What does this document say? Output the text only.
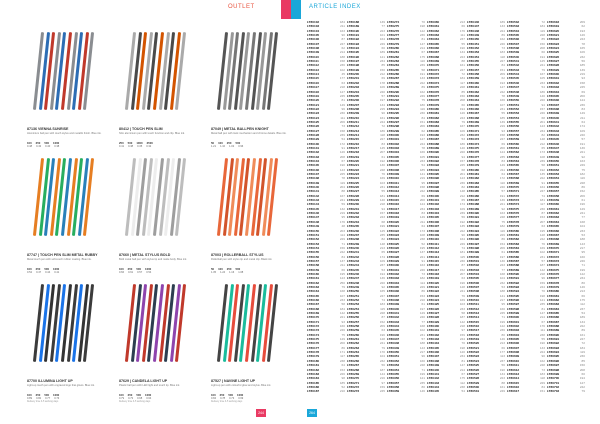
OUTLET	ARTICLE INDEX
87136 VIENNA SUNRISE
Aluminium ball pen with touch stylus and metallic finish. Blue ink.
100 250 500 1000
0.48 0.43 0.40 0.38
80412 | TOUCH PEN SLIM
Slim aluminium pen with touch function and clip. Blue ink.
250 500 1000 2500
0.41 0.38 0.35 0.32
87049 | METAL BALLPEN KNIGHT
Metal ball pen with twist mechanism and chrome details. Blue ink.
50 100 250 500
1.21 1.10 1.02 0.96
87747 | TOUCH PEN SLIM METAL RUBBY
Metal touch pen with soft-touch rubber coating. Blue ink.
100 250 500 1000
0.52 0.47 0.44 0.41
87660 | METAL STYLUS BOLD
Bold metal ball pen with stylus tip and matte body. Blue ink.
100 250 500 1000
0.66 0.61 0.57 0.54
87003 | ROLLERBALL STYLUS
Rollerball pen with stylus tip and metal clip. Black ink.
50 100 250 500
1.35 1.24 1.16 1.08
87700 ILLUMINA LIGHT UP
Light-up touch pen with engraved logo that glows. Blue ink.
100 250 500 1000
0.89 0.82 0.77 0.73
Delivery time 3-5 working days
87629 | CANDELA LIGHT UP
Plastic ball pen with LED light and touch tip. Blue ink.
100 250 500 1000
0.79 0.73 0.68 0.64
Delivery time 3-5 working days
87527 | NAVINE LIGHT UP
Light-up pen with colourful glow and stylus. Blue ink.
100 250 500 1000
0.84 0.78 0.73 0.69
Delivery time 3-5 working days
LT80102	184
LT80103	211
LT80104	163
LT80105	90
LT80106	87
LT80107	247
LT80108	62
LT80109	214
LT80110	188
LT80111	158
LT80112	236
LT80113	102
LT80114	45
LT80115	177
LT80116	63
LT80117	218
LT80118	127
LT80119	245
LT80120	81
LT80121	149
LT80122	96
LT80123	230
LT80124	111
LT80125	206
LT80126	73
LT80127	158
LT80128	239
LT80129	54
LT80130	172
LT80131	91
LT80132	126
LT80133	208
LT80134	67
LT80135	190
LT80136	143
LT80137	225
LT80138	78
LT80139	119
LT80140	204
LT80141	88
LT80142	167
LT80143	241
LT80144	59
LT80145	132
LT80146	219
LT80147	95
LT80148	176
LT80149	48
LT80150	203
LT80151	114
LT80152	229
LT80153	71
LT80154	156
LT80155	242
LT80156	84
LT80157	137
LT80158	211
LT80159	66
LT80160	195
LT80161	123
LT80162	250
LT80163	79
LT80164	168
LT80165	107
LT80166	233
LT80167	58
LT80168	184
LT80169	142
LT80170	221
LT80171	93
LT80172	160
LT80173	246
LT80174	75
LT80175	129
LT80176	200
LT80177	86
LT80178	171
LT80179	117
LT80180	238
LT80181	64
LT80182	153
LT80183	226
LT80184	98
LT80185	185
LT80186	52
LT80187	210
LT80188	139
LT80189	77
LT80190	223
LT80191	101
LT80192	164
LT80193	249
LT80194	60
LT80195	189
LT80196	121
LT80197	234
LT80198	85
LT80199	150
LT80200	212
LT80201	69
LT80202	178
LT80203	106
LT80204	240
LT80205	57
LT80206	197
LT80207	134
LT80208	215
LT80209	90
LT80210	161
LT80211	244
LT80212	72
LT80213	186
LT80214	118
LT80215	227
LT80216	83
LT80217	145
LT80218	207
LT80219	61
LT80220	192
LT80221	130
LT80222	248
LT80223	76
LT80224	169
LT80225	103
LT80226	231
LT80227	55
LT80228	181
LT80229	140
LT80230	218
LT80231	94
LT80232	157
LT80233	243
LT80234	68
LT80235	199
LT80236	125
LT80237	235
LT80238	82
LT80239	148
LT80240	213
LT80241	65
LT80242	174
LT80243	109
LT80244	237
LT80245	53
LT80246	194
LT80247	136
LT80248	220
LT80249	92
LT80250	165
LT80251	247
LT80252	74
LT80253	183
LT80254	115
LT80255	228
LT80256	87
LT80257	152
LT80258	209
LT80259	63
LT80260	196
LT80261	128
LT80262	241
LT80263	79
LT80264	170
LT80265	104
LT80266	232
LT80267	56
LT80268	187
LT80269	144
LT80270	216
LT80271	97
LT80272	159
LT80273	245
LT80274	70
LT80275	198
LT80276	122
LT80277	236
LT80278	81
LT80279	147
LT80280	214
LT80281	67
LT80282	175
LT80283	110
LT80284	239
LT80285	58
LT80286	191
LT80287	133
LT80288	222
LT80289	89
LT80290	162
LT80291	249
LT80292	75
LT80293	180
LT80294	116
LT80295	230
LT80296	84
LT80297	151
LT80298	206
LT80299	62
LT80300	193
LT80301	127
LT80302	244
LT80303	78
LT80304	166
LT80305	105
LT80306	233
LT80307	54
LT80308	185
LT80309	141
LT80310	219
LT80311	95
LT80312	158
LT80313	242
LT80314	69
LT80315	200
LT80316	124
LT80317	234
LT80318	83
LT80319	149
LT80320	211
LT80321	64
LT80322	173
LT80323	108
LT80324	238
LT80325	52
LT80326	195
LT80327	137
LT80328	221
LT80329	91
LT80330	163
LT80331	246
LT80332	73
LT80333	182
LT80334	114
LT80335	229
LT80336	86
LT80337	153
LT80338	210
LT80339	61
LT80340	197
LT80341	129
LT80342	240
LT80343	77
LT80344	168
LT80345	102
LT80346	231
LT80347	57
LT80348	188
LT80349	143
LT80350	217
LT80351	96
LT80352	160
LT80353	248
LT80354	71
LT80355	199
LT80356	121
LT80357	235
LT80358	80
LT80359	146
LT80360	213
LT80361	66
LT80362	176
LT80363	111
LT80364	237
LT80365	55
LT80366	190
LT80367	134
LT80368	223
LT80369	88
LT80370	161
LT80371	247
LT80372	72
LT80373	184
LT80374	117
LT80375	228
LT80376	85
LT80377	150
LT80378	208
LT80379	60
LT80380	194
LT80381	126
LT80382	243
LT80383	79
LT80384	167
LT80385	106
LT80386	232
LT80387	53
LT80388	186
LT80389	140
LT80390	220
LT80391	94
LT80392	157
LT80393	245
LT80394	68
LT80395	201
LT80396	123
LT80397	236
LT80398	82
LT80399	148
LT80400	212
LT80401	65
LT80402	174
LT80403	109
LT80404	239
LT80405	56
LT80406	192
LT80407	135
LT80408	222
LT80409	90
LT80410	164
LT80411	249
LT80412	74
LT80413	181
LT80414	115
LT80415	230
LT80416	87
LT80417	152
LT80418	207
LT80419	63
LT80420	196
LT80421	128
LT80422	241
LT80423	76
LT80424	169
LT80425	103
LT80426	233
LT80427	58
LT80428	187
LT80429	142
LT80430	218
LT80431	97
LT80432	159
LT80433	244
LT80434	70
LT80435	198
LT80436	120
LT80437	234
LT80438	81
LT80439	147
LT80440	214
LT80441	67
LT80442	175
LT80443	112
LT80444	238
LT80445	54
LT80446	189
LT80447	133
LT80448	224
LT80449	89
LT80450	162
LT80451	246
LT80452	73
LT80453	183
LT80454	118
LT80455	227
LT80456	84
LT80457	151
LT80458	209
LT80459	62
LT80460	193
LT80461	127
LT80462	242
LT80463	78
LT80464	166
LT80465	107
LT80466	231
LT80467	55
LT80468	185
LT80469	139
LT80470	219
LT80471	93
LT80472	158
LT80473	247
LT80474	69
LT80475	200
LT80476	124
LT80477	235
LT80478	83
LT80479	149
LT80480	211
LT80481	64
LT80482	172
LT80483	110
LT80484	240
LT80485	57
LT80486	191
LT80487	136
LT80488	221
LT80489	92
LT80490	163
LT80491	248
LT80492	75
LT80493	182
LT80494	116
LT80495	229
LT80496	86
LT80497	154
LT80498	206
LT80499	61
LT80500	197
LT80501	130
LT80502	243
LT80503	77
LT80504	168
LT80505	104
LT80506	232
LT80507	53
LT80508	188
LT80509	141
LT80510	217
LT80511	95
LT80512	160
LT80513	245
LT80514	71
LT80515	199
LT80516	122
LT80517	236
LT80518	80
LT80519	146
LT80520	213
LT80521	66
LT80522	177
LT80523	113
LT80524	237
LT80525	56
LT80526	190
LT80527	134
LT80528	223
LT80529	88
LT80530	161
LT80531	249
LT80532	72
LT80533	184
LT80534	119
LT80535	228
LT80536	85
LT80537	150
LT80538	208
LT80539	60
LT80540	194
LT80541	125
LT80542	241
LT80543	79
LT80544	167
LT80545	105
LT80546	233
LT80547	54
LT80548	186
LT80549	140
LT80550	220
LT80551	94
LT80552	157
LT80553	246
LT80554	68
LT80555	201
LT80556	123
LT80557	234
LT80558	82
LT80559	148
LT80560	212
LT80561	65
LT80562	173
LT80563	108
LT80564	239
LT80565	58
LT80566	192
LT80567	135
LT80568	222
LT80569	91
LT80570	164
LT80571	247
LT80572	74
LT80573	181
LT80574	117
LT80575	230
LT80576	87
LT80577	153
LT80578	207
LT80579	63
LT80580	195
LT80581	128
LT80582	242
LT80583	76
LT80584	169
LT80585	102
LT80586	231
LT80587	57
LT80588	187
LT80589	142
LT80590	218
LT80591	96
LT80592	159
LT80593	244
LT80594	70
LT80595	198
LT80596	121
LT80597	235
LT80598	81
LT80599	147
LT80600	214
LT80601	67
LT80602	176
LT80603	111
LT80604	238
LT80605	55
LT80606	190
LT80607	133
LT80608	224
LT80609	90
LT80610	162
LT80611	248
LT80612	73
LT80613	183
LT80614	118
LT80615	229
LT80616	84
LT80617	151
LT80618	209
LT80619	62
LT80620	193
LT80621	126
LT80622	243
LT80623	78
LT80624	165
LT80625	106
LT80626	232
LT80627	56
LT80628	185
LT80629	139
LT80630	219
LT80631	93
LT80632	158
LT80633	245
LT80634	69
LT80635	200
LT80636	124
LT80637	236
LT80638	83
LT80639	149
LT80640	211
LT80641	64
LT80642	174
LT80643	109
LT80644	240
LT80645	57
LT80646	191
LT80647	136
LT80648	221
LT80649	92
LT80650	163
LT80651	249
LT80652	75
LT80653	182
LT80654	116
LT80655	228
LT80656	86
LT80657	152
LT80658	206
LT80659	61
LT80660	196
LT80661	129
LT80662	241
LT80663	77
LT80664	168
LT80665	104
LT80666	233
LT80667	53
LT80668	188
LT80669	143
LT80670	217
LT80671	95
LT80672	160
LT80673	246
LT80674	71
LT80675	199
LT80676	122
LT80677	234
LT80678	80
LT80679	146
LT80680	213
LT80681	66
LT80682	175
LT80683	112
LT80684	237
LT80685	54
LT80686	189
LT80687	134
LT80688	222
LT80689	89
LT80690	161
LT80691	247
LT80692	72
LT80693	184
LT80694	119
LT80695	230
LT80696	85
LT80697	150
LT80698	208
LT80699	60
LT80700	194
LT80701	127
LT80702	242
LT80703	79
244	264
